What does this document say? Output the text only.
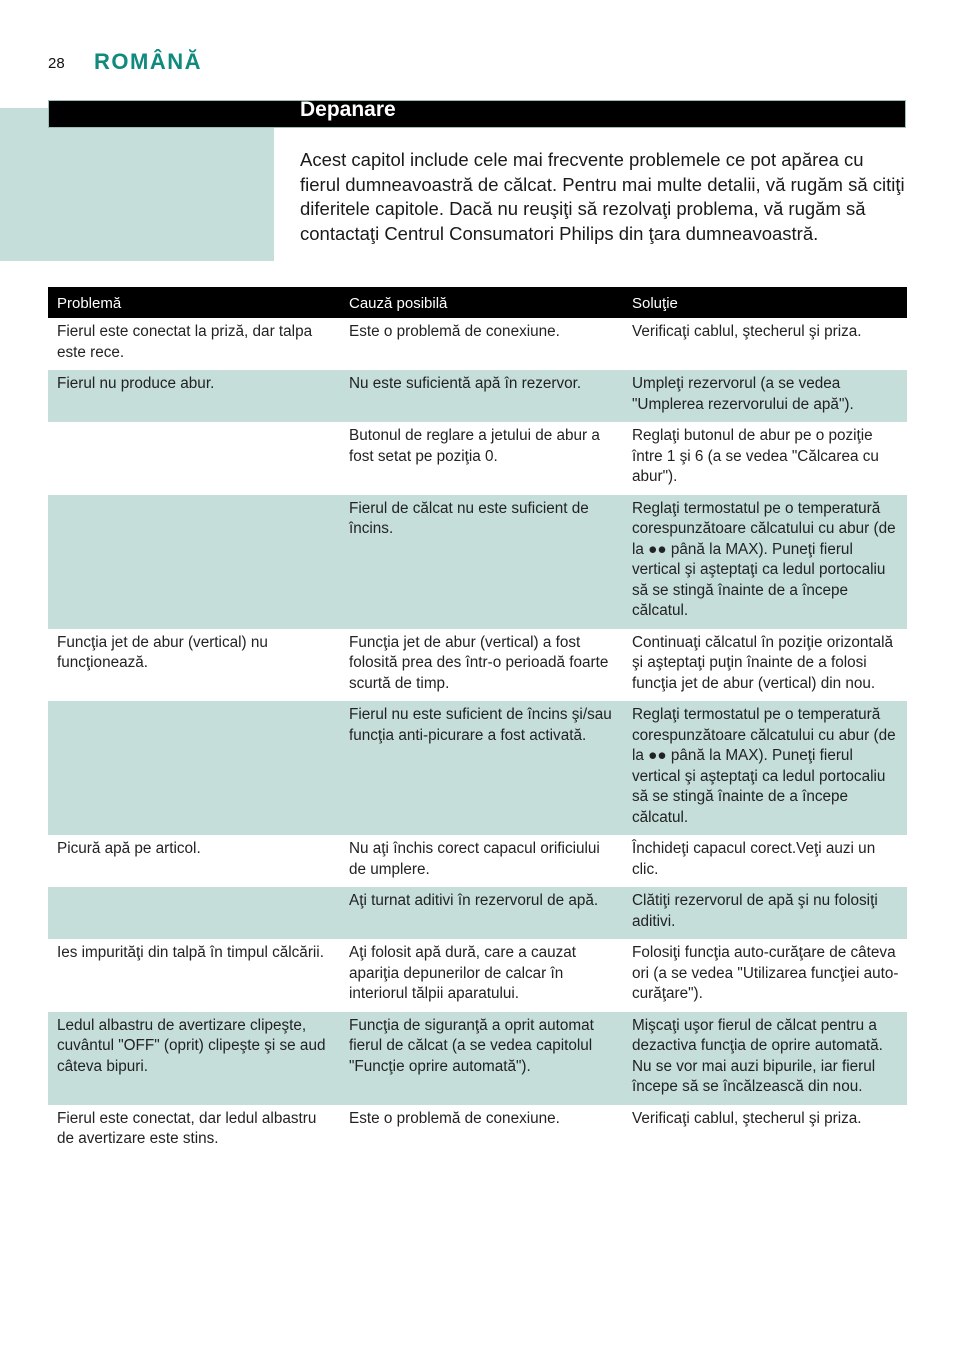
28 ROMÂNĂ
Depanare
Acest capitol include cele mai frecvente problemele ce pot apărea cu fierul dumneavoastră de călcat. Pentru mai multe detalii, vă rugăm să citiţi diferitele capitole. Dacă nu reuşiţi să rezolvaţi problema, vă rugăm să contactaţi Centrul Consumatori Philips din ţara dumneavoastră.
Problemă	Cauză posibilă	Soluţie
Fierul este conectat la priză, dar talpa este rece.	Este o problemă de conexiune.	Verificaţi cablul, ştecherul şi priza.
Fierul nu produce abur.	Nu este suficientă apă în rezervor.	Umpleţi rezervorul (a se vedea "Umplerea rezervorului de apă").
	Butonul de reglare a jetului de abur a fost setat pe poziţia 0.	Reglaţi butonul de abur pe o poziţie între 1 şi 6 (a se vedea "Călcarea cu abur").
	Fierul de călcat nu este suficient de încins.	Reglaţi termostatul pe o temperatură corespunzătoare călcatului cu abur (de la ●● până la MAX). Puneţi fierul vertical şi aşteptaţi ca ledul portocaliu să se stingă înainte de a începe călcatul.
Funcţia jet de abur (vertical) nu funcţionează.	Funcţia jet de abur (vertical) a fost folosită prea des într-o perioadă foarte scurtă de timp.	Continuaţi călcatul în poziţie orizontală şi aşteptaţi puţin înainte de a folosi funcţia jet de abur (vertical) din nou.
	Fierul nu este suficient de încins şi/sau funcţia anti-picurare a fost activată.	Reglaţi termostatul pe o temperatură corespunzătoare călcatului cu abur (de la ●● până la MAX). Puneţi fierul vertical şi aşteptaţi ca ledul portocaliu să se stingă înainte de a începe călcatul.
Picură apă pe articol.	Nu aţi închis corect capacul orificiului de umplere.	Închideţi capacul corect.Veţi auzi un clic.
	Aţi turnat aditivi în rezervorul de apă.	Clătiţi rezervorul de apă şi nu folosiţi aditivi.
Ies impurităţi din talpă în timpul călcării.	Aţi folosit apă dură, care a cauzat apariţia depunerilor de calcar în interiorul tălpii aparatului.	Folosiţi funcţia auto-curăţare de câteva ori (a se vedea "Utilizarea funcţiei auto-curăţare").
Ledul albastru de avertizare clipeşte, cuvântul "OFF" (oprit) clipeşte şi se aud câteva bipuri.	Funcţia de siguranţă a oprit automat fierul de călcat (a se vedea capitolul "Funcţie oprire automată").	Mişcaţi uşor fierul de călcat pentru a dezactiva funcţia de oprire automată. Nu se vor mai auzi bipurile, iar fierul începe să se încălzească din nou.
Fierul este conectat, dar ledul albastru de avertizare este stins.	Este o problemă de conexiune.	Verificaţi cablul, ştecherul şi priza.
